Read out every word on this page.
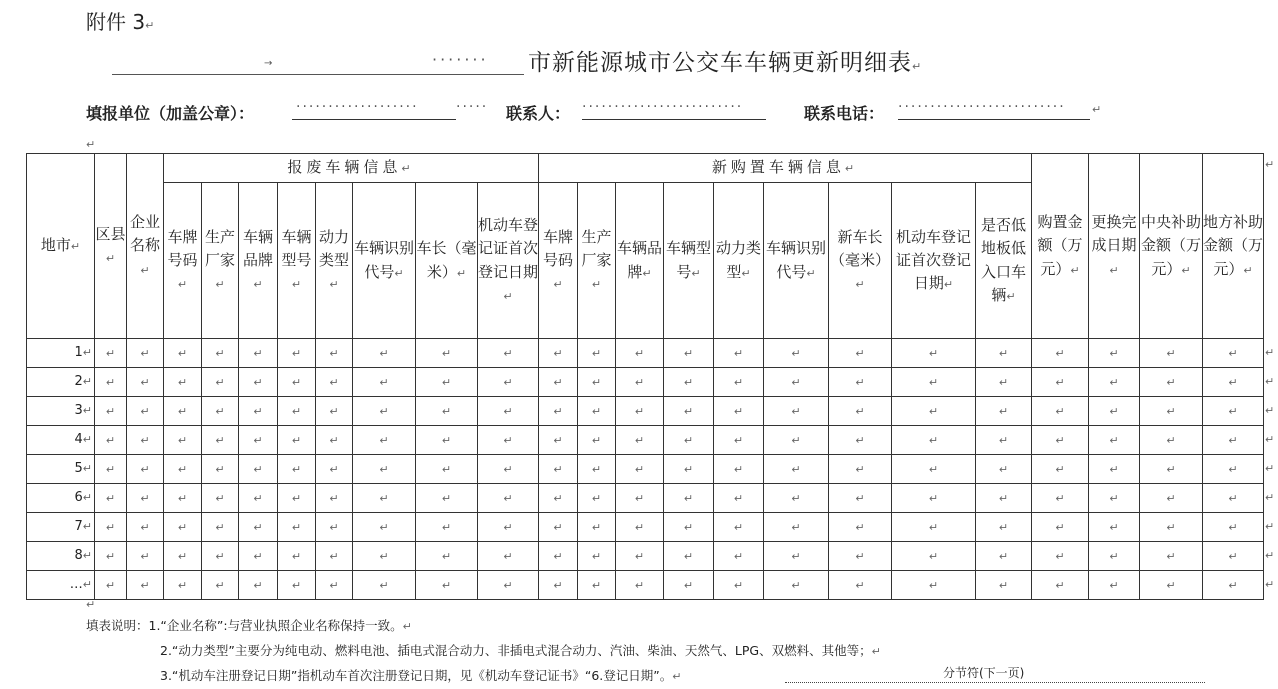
附件 3↵
→	······· 市新能源城市公交车车辆更新明细表↵
填报单位（加盖公章）：	···················	····· 联系人： ·························	联系电话： ·························· ↵
↵
地市↵	区县↵	企业名称↵	报废车辆信息↵								新购置车辆信息↵									购置金额（万元）↵	更换完成日期↵	中央补助金额（万元）↵	地方补助金额（万元）↵
			车牌号码↵	生产厂家↵	车辆品牌↵	车辆型号↵	动力类型↵	车辆识别代号↵	车长（毫米）↵	机动车登记证首次登记日期↵	车牌号码↵	生产厂家↵	车辆品牌↵	车辆型号↵	动力类型↵	车辆识别代号↵	新车长（毫米）↵	机动车登记证首次登记日期↵	是否低地板低入口车辆↵				
1↵	↵	↵	↵	↵	↵	↵	↵	↵	↵	↵	↵	↵	↵	↵	↵	↵	↵	↵	↵	↵	↵	↵	↵
2↵	↵	↵	↵	↵	↵	↵	↵	↵	↵	↵	↵	↵	↵	↵	↵	↵	↵	↵	↵	↵	↵	↵	↵
3↵	↵	↵	↵	↵	↵	↵	↵	↵	↵	↵	↵	↵	↵	↵	↵	↵	↵	↵	↵	↵	↵	↵	↵
4↵	↵	↵	↵	↵	↵	↵	↵	↵	↵	↵	↵	↵	↵	↵	↵	↵	↵	↵	↵	↵	↵	↵	↵
5↵	↵	↵	↵	↵	↵	↵	↵	↵	↵	↵	↵	↵	↵	↵	↵	↵	↵	↵	↵	↵	↵	↵	↵
6↵	↵	↵	↵	↵	↵	↵	↵	↵	↵	↵	↵	↵	↵	↵	↵	↵	↵	↵	↵	↵	↵	↵	↵
7↵	↵	↵	↵	↵	↵	↵	↵	↵	↵	↵	↵	↵	↵	↵	↵	↵	↵	↵	↵	↵	↵	↵	↵
8↵	↵	↵	↵	↵	↵	↵	↵	↵	↵	↵	↵	↵	↵	↵	↵	↵	↵	↵	↵	↵	↵	↵	↵
…↵	↵	↵	↵	↵	↵	↵	↵	↵	↵	↵	↵	↵	↵	↵	↵	↵	↵	↵	↵	↵	↵	↵	↵
↵
↵
填表说明：1.“企业名称”:与营业执照企业名称保持一致。↵
2.“动力类型”主要分为纯电动、燃料电池、插电式混合动力、非插电式混合动力、汽油、柴油、天然气、LPG、双燃料、其他等；↵
3.“机动车注册登记日期”指机动车首次注册登记日期，见《机动车登记证书》“6.登记日期”。↵	分节符(下一页)
↵
↵
↵
↵
↵
↵
↵
↵
↵
